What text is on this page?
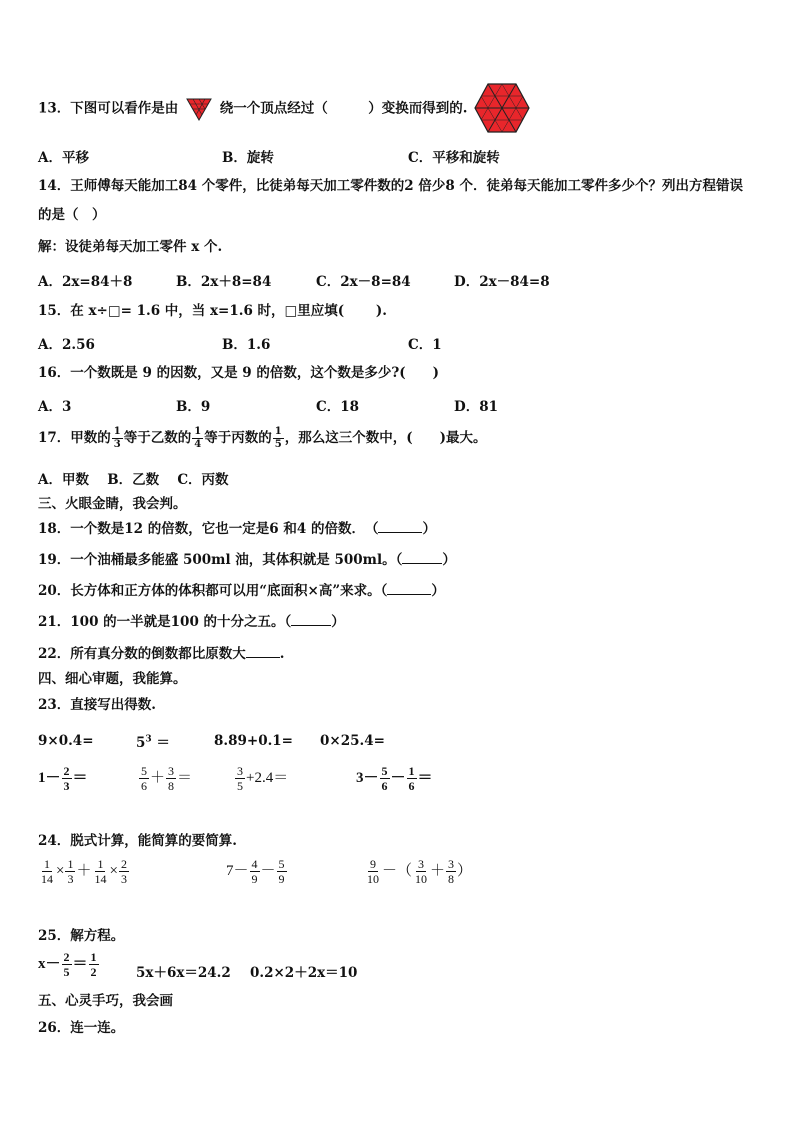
13．下图可以看作是由	绕一个顶点经过（　　　）变换而得到的.
A．平移	B．旋转	C．平移和旋转
14．王师傅每天能加工84 个零件，比徒弟每天加工零件数的2 倍少8 个．徒弟每天能加工零件多少个？列出方程错误
的是（　）
解：设徒弟每天加工零件 x 个.
A．2x=84＋8	B．2x＋8=84	C．2x－8=84	D．2x－84=8
15．在 x÷□= 1.6 中，当 x=1.6 时，□里应填(　　 ).
A．2.56	B．1.6	C．1
16．一个数既是 9 的因数，又是 9 的倍数，这个数是多少?(　　)
A．3	B．9	C．18	D．81
17．甲数的 $\frac{1}{3}$ 等于乙数的 $\frac{1}{4}$ 等于丙数的 $\frac{1}{5}$ ，那么这三个数中，(　　)最大。
A．甲数　 B．乙数　 C．丙数
三、火眼金睛，我会判。
18．一个数是12 的倍数，它也一定是6 和4 的倍数．　（	）
19．一个油桶最多能盛 500ml 油，其体积就是 500ml。（	）
20．长方体和正方体的体积都可以用“底面积×高”来求。（	）
21．100 的一半就是100 的十分之五。（	）
22．所有真分数的倒数都比原数大	.
四、细心审题，我能算。
23．直接写出得数.
9×0.4=	$5^3$ ＝	8.89+0.1= 0×25.4=
$1- \frac{2}{3}$ ＝	$\frac{5}{6} + \frac{3}{8}$ ＝	$\frac{3}{5} +2.4=$	$3- \frac{5}{6} - \frac{1}{6}$ ＝
24．脱式计算，能简算的要简算.
$\frac{1}{14} \times \frac{1}{3} + \frac{1}{14} \times \frac{2}{3}$	$7- \frac{4}{9} - \frac{5}{9}$	$\frac{9}{10}$ －（ $\frac{3}{10} + \frac{3}{8}$ ）
25．解方程。
$x- \frac{2}{5} = \frac{1}{2}$	5x＋6x＝24.2 0.2×2＋2x＝10
五、心灵手巧，我会画
26．连一连。
